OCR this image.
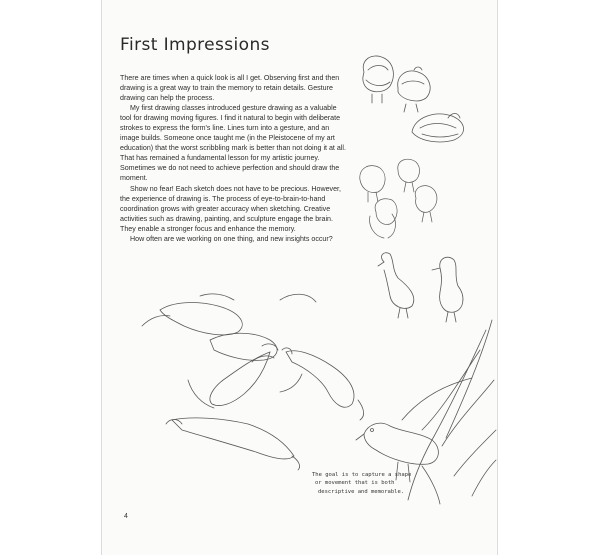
First Impressions

There are times when a quick look is all I get. Observing first and then drawing is a great way to train the memory to retain details. Gesture drawing can help the process.

My first drawing classes introduced gesture drawing as a valuable tool for drawing moving figures. I find it natural to begin with deliberate strokes to express the form's line. Lines turn into a gesture, and an image builds. Someone once taught me (in the Pleistocene of my art education) that the worst scribbling mark is better than not doing it at all. That has remained a fundamental lesson for my artistic journey. Sometimes we do not need to achieve perfection and should draw the moment.

Show no fear! Each sketch does not have to be precious. However, the experience of drawing is. The process of eye-to-brain-to-hand coordination grows with greater accuracy when sketching. Creative activities such as drawing, painting, and sculpture engage the brain. They enable a stronger focus and enhance the memory.

How often are we working on one thing, and new insights occur?

The goal is to capture a shape
or movement that is both
descriptive and memorable.
4
